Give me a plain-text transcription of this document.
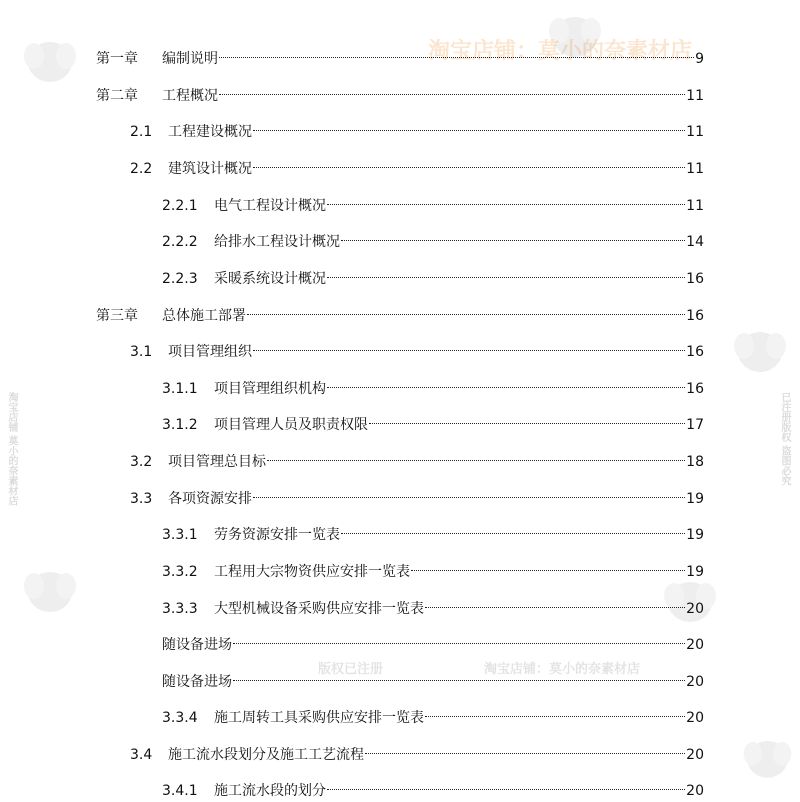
淘宝店铺：莫小的奈素材店
版权已注册	淘宝店铺：莫小的奈素材店
淘宝店铺 莫小的奈素材店	已注册版权 盗图必究
第一章	编制说明	9
第二章	工程概况	11
2.1	工程建设概况	11
2.2	建筑设计概况	11
2.2.1	电气工程设计概况	11
2.2.2	给排水工程设计概况	14
2.2.3	采暖系统设计概况	16
第三章	总体施工部署	16
3.1	项目管理组织	16
3.1.1	项目管理组织机构	16
3.1.2	项目管理人员及职责权限	17
3.2	项目管理总目标	18
3.3	各项资源安排	19
3.3.1	劳务资源安排一览表	19
3.3.2	工程用大宗物资供应安排一览表	19
3.3.3	大型机械设备采购供应安排一览表	20
随设备进场	20
随设备进场	20
3.3.4	施工周转工具采购供应安排一览表	20
3.4	施工流水段划分及施工工艺流程	20
3.4.1	施工流水段的划分	20
